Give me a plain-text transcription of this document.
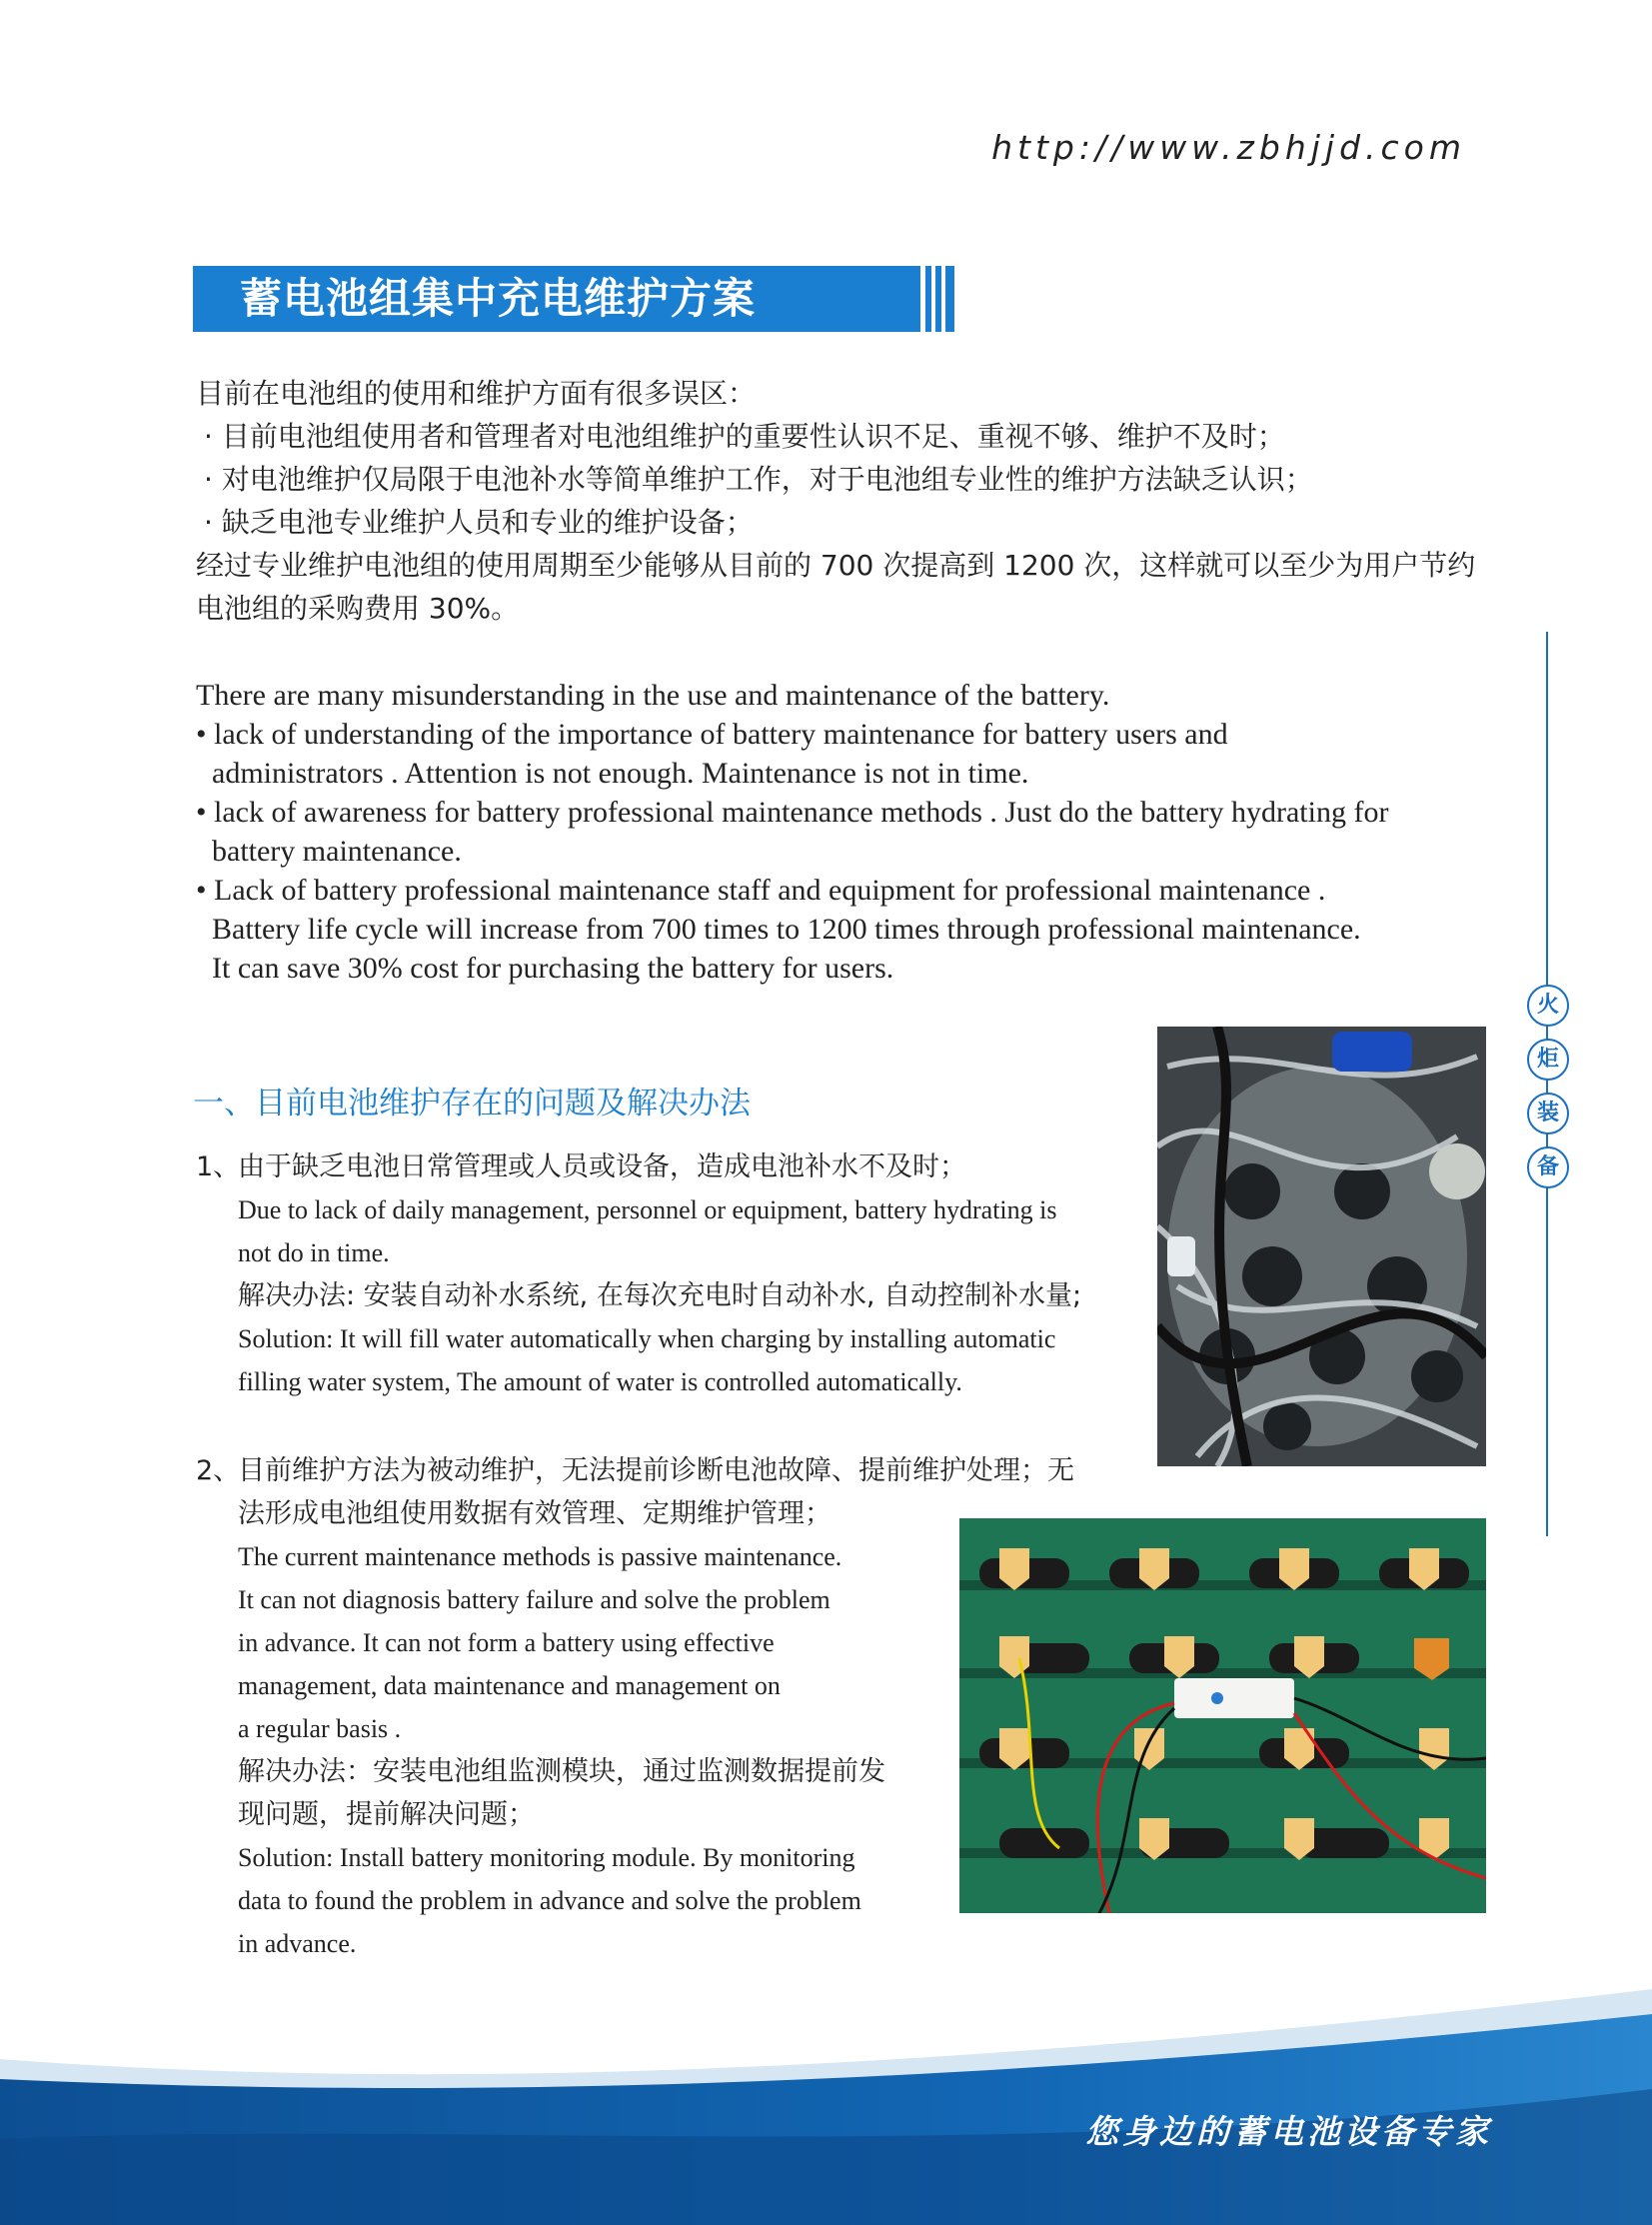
http://www.zbhjjd.com
蓄电池组集中充电维护方案
目前在电池组的使用和维护方面有很多误区：
· 目前电池组使用者和管理者对电池组维护的重要性认识不足、重视不够、维护不及时；
· 对电池维护仅局限于电池补水等简单维护工作，对于电池组专业性的维护方法缺乏认识；
· 缺乏电池专业维护人员和专业的维护设备；
经过专业维护电池组的使用周期至少能够从目前的 700 次提高到 1200 次，这样就可以至少为用户节约
电池组的采购费用 30%。
There are many misunderstanding in the use and maintenance of the battery.
• lack of understanding of the importance of battery maintenance for battery users and
administrators . Attention is not enough. Maintenance is not in time.
• lack of awareness for battery professional maintenance methods . Just do the battery hydrating for
battery maintenance.
• Lack of battery professional maintenance staff and equipment for professional maintenance .
Battery life cycle will increase from 700 times to 1200 times through professional maintenance.
It can save 30% cost for purchasing the battery for users.
一、目前电池维护存在的问题及解决办法
1、
由于缺乏电池日常管理或人员或设备，造成电池补水不及时；
Due to lack of daily management, personnel or equipment, battery hydrating is
not do in time.
解决办法: 安装自动补水系统, 在每次充电时自动补水, 自动控制补水量;
Solution: It will fill water automatically when charging by installing automatic
filling water system, The amount of water is controlled automatically.
2、
目前维护方法为被动维护，无法提前诊断电池故障、提前维护处理；无
法形成电池组使用数据有效管理、定期维护管理；
The current maintenance methods is passive maintenance.
It can not diagnosis battery failure and solve the problem
in advance. It can not form a battery using effective
management, data maintenance and management on
a regular basis .
解决办法：安装电池组监测模块，通过监测数据提前发
现问题，提前解决问题；
Solution: Install battery monitoring module. By monitoring
data to found the problem in advance and solve the problem
in advance.
火
炬
装
备
您身边的蓄电池设备专家
